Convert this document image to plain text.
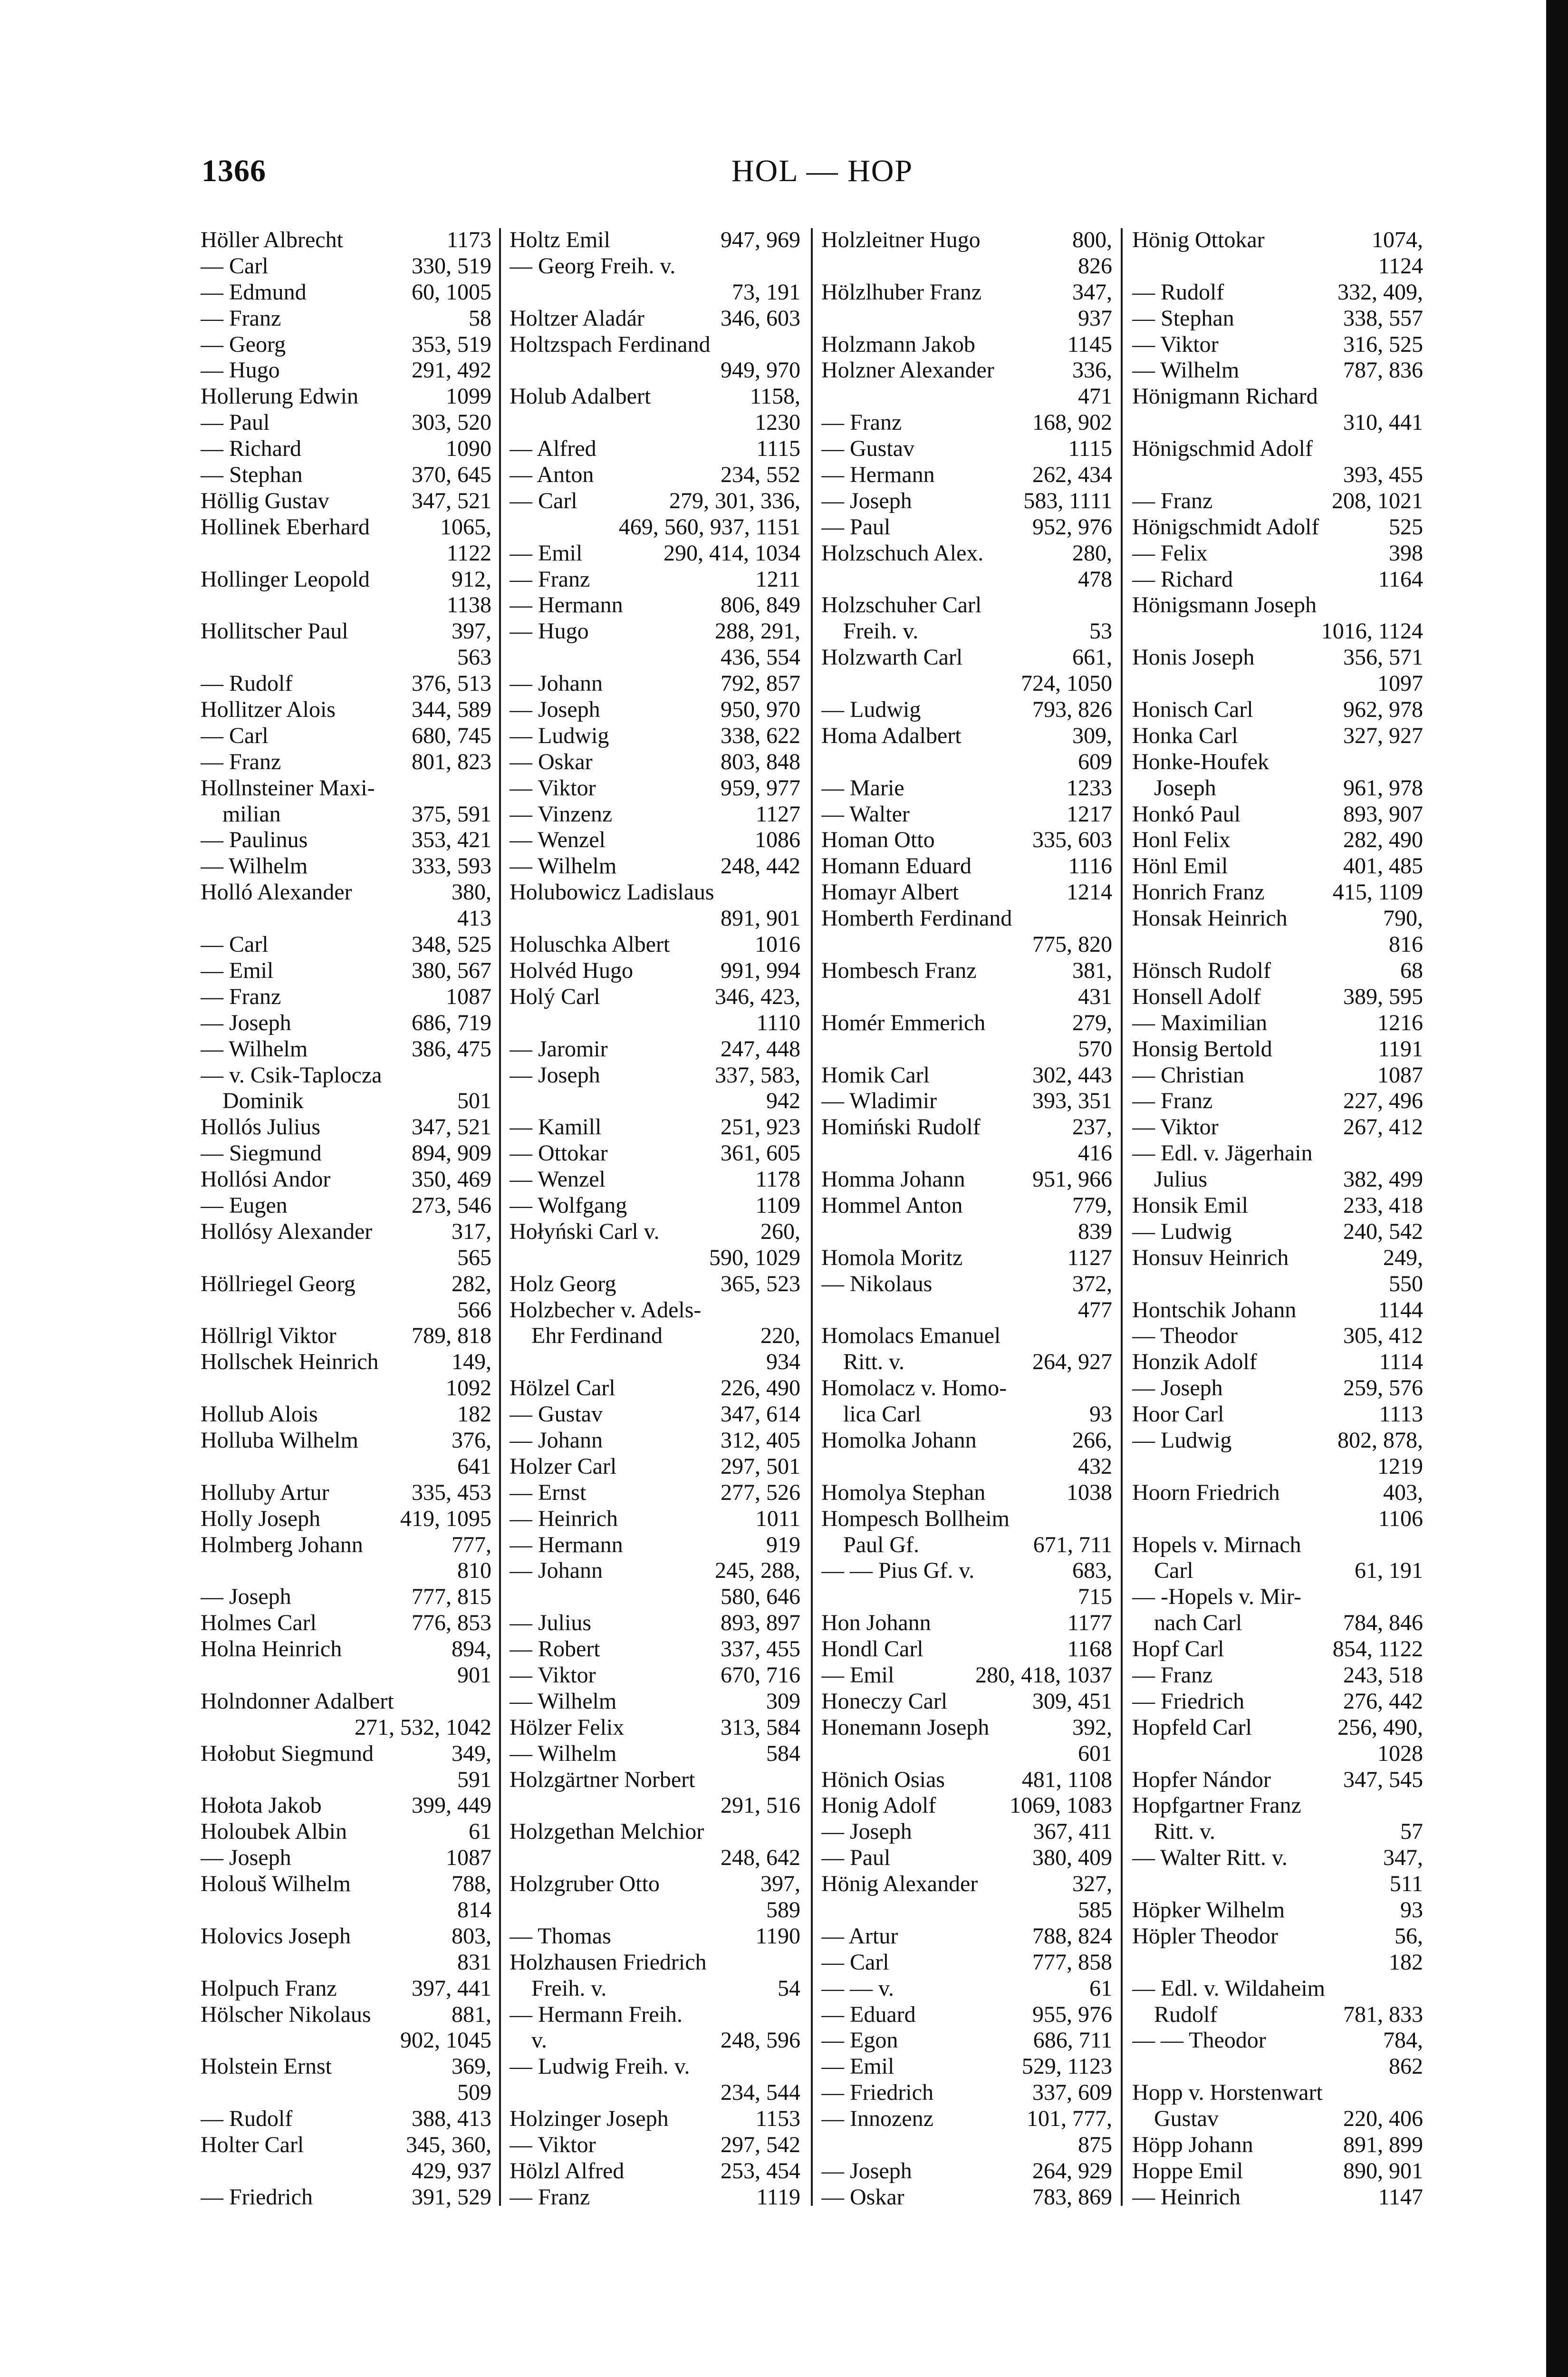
1366	HOL — HOP
Höller Albrecht	1173
— Carl	330, 519
— Edmund	60, 1005
— Franz	58
— Georg	353, 519
— Hugo	291, 492
Hollerung Edwin	1099
— Paul	303, 520
— Richard	1090
— Stephan	370, 645
Höllig Gustav	347, 521
Hollinek Eberhard	1065,
1122
Hollinger Leopold	912,
1138
Hollitscher Paul	397,
563
— Rudolf	376, 513
Hollitzer Alois	344, 589
— Carl	680, 745
— Franz	801, 823
Hollnsteiner Maxi-
milian	375, 591
— Paulinus	353, 421
— Wilhelm	333, 593
Holló Alexander	380,
413
— Carl	348, 525
— Emil	380, 567
— Franz	1087
— Joseph	686, 719
— Wilhelm	386, 475
— v. Csik-Taplocza
Dominik	501
Hollós Julius	347, 521
— Siegmund	894, 909
Hollósi Andor	350, 469
— Eugen	273, 546
Hollósy Alexander	317,
565
Höllriegel Georg	282,
566
Höllrigl Viktor	789, 818
Hollschek Heinrich	149,
1092
Hollub Alois	182
Holluba Wilhelm	376,
641
Holluby Artur	335, 453
Holly Joseph	419, 1095
Holmberg Johann	777,
810
— Joseph	777, 815
Holmes Carl	776, 853
Holna Heinrich	894,
901
Holndonner Adalbert
271, 532, 1042
Hołobut Siegmund	349,
591
Hołota Jakob	399, 449
Holoubek Albin	61
— Joseph	1087
Holouš Wilhelm	788,
814
Holovics Joseph	803,
831
Holpuch Franz	397, 441
Hölscher Nikolaus	881,
902, 1045
Holstein Ernst	369,
509
— Rudolf	388, 413
Holter Carl	345, 360,
429, 937
— Friedrich	391, 529
Holtz Emil	947, 969
— Georg Freih. v.
73, 191
Holtzer Aladár	346, 603
Holtzspach Ferdinand
949, 970
Holub Adalbert	1158,
1230
— Alfred	1115
— Anton	234, 552
— Carl	279, 301, 336,
469, 560, 937, 1151
— Emil	290, 414, 1034
— Franz	1211
— Hermann	806, 849
— Hugo	288, 291,
436, 554
— Johann	792, 857
— Joseph	950, 970
— Ludwig	338, 622
— Oskar	803, 848
— Viktor	959, 977
— Vinzenz	1127
— Wenzel	1086
— Wilhelm	248, 442
Holubowicz Ladislaus
891, 901
Holuschka Albert	1016
Holvéd Hugo	991, 994
Holý Carl	346, 423,
1110
— Jaromir	247, 448
— Joseph	337, 583,
942
— Kamill	251, 923
— Ottokar	361, 605
— Wenzel	1178
— Wolfgang	1109
Hołyński Carl v.	260,
590, 1029
Holz Georg	365, 523
Holzbecher v. Adels-
Ehr Ferdinand	220,
934
Hölzel Carl	226, 490
— Gustav	347, 614
— Johann	312, 405
Holzer Carl	297, 501
— Ernst	277, 526
— Heinrich	1011
— Hermann	919
— Johann	245, 288,
580, 646
— Julius	893, 897
— Robert	337, 455
— Viktor	670, 716
— Wilhelm	309
Hölzer Felix	313, 584
— Wilhelm	584
Holzgärtner Norbert
291, 516
Holzgethan Melchior
248, 642
Holzgruber Otto	397,
589
— Thomas	1190
Holzhausen Friedrich
Freih. v.	54
— Hermann Freih.
v.	248, 596
— Ludwig Freih. v.
234, 544
Holzinger Joseph	1153
— Viktor	297, 542
Hölzl Alfred	253, 454
— Franz	1119
Holzleitner Hugo	800,
826
Hölzlhuber Franz	347,
937
Holzmann Jakob	1145
Holzner Alexander	336,
471
— Franz	168, 902
— Gustav	1115
— Hermann	262, 434
— Joseph	583, 1111
— Paul	952, 976
Holzschuch Alex.	280,
478
Holzschuher Carl
Freih. v.	53
Holzwarth Carl	661,
724, 1050
— Ludwig	793, 826
Homa Adalbert	309,
609
— Marie	1233
— Walter	1217
Homan Otto	335, 603
Homann Eduard	1116
Homayr Albert	1214
Homberth Ferdinand
775, 820
Hombesch Franz	381,
431
Homér Emmerich	279,
570
Homik Carl	302, 443
— Wladimir	393, 351
Homiński Rudolf	237,
416
Homma Johann	951, 966
Hommel Anton	779,
839
Homola Moritz	1127
— Nikolaus	372,
477
Homolacs Emanuel
Ritt. v.	264, 927
Homolacz v. Homo-
lica Carl	93
Homolka Johann	266,
432
Homolya Stephan	1038
Hompesch Bollheim
Paul Gf.	671, 711
— — Pius Gf. v.	683,
715
Hon Johann	1177
Hondl Carl	1168
— Emil	280, 418, 1037
Honeczy Carl	309, 451
Honemann Joseph	392,
601
Hönich Osias	481, 1108
Honig Adolf	1069, 1083
— Joseph	367, 411
— Paul	380, 409
Hönig Alexander	327,
585
— Artur	788, 824
— Carl	777, 858
— — v.	61
— Eduard	955, 976
— Egon	686, 711
— Emil	529, 1123
— Friedrich	337, 609
— Innozenz	101, 777,
875
— Joseph	264, 929
— Oskar	783, 869
Hönig Ottokar	1074,
1124
— Rudolf	332, 409,
— Stephan	338, 557
— Viktor	316, 525
— Wilhelm	787, 836
Hönigmann Richard
310, 441
Hönigschmid Adolf
393, 455
— Franz	208, 1021
Hönigschmidt Adolf	525
— Felix	398
— Richard	1164
Hönigsmann Joseph
1016, 1124
Honis Joseph	356, 571
1097
Honisch Carl	962, 978
Honka Carl	327, 927
Honke-Houfek
Joseph	961, 978
Honkó Paul	893, 907
Honl Felix	282, 490
Hönl Emil	401, 485
Honrich Franz	415, 1109
Honsak Heinrich	790,
816
Hönsch Rudolf	68
Honsell Adolf	389, 595
— Maximilian	1216
Honsig Bertold	1191
— Christian	1087
— Franz	227, 496
— Viktor	267, 412
— Edl. v. Jägerhain
Julius	382, 499
Honsik Emil	233, 418
— Ludwig	240, 542
Honsuv Heinrich	249,
550
Hontschik Johann	1144
— Theodor	305, 412
Honzik Adolf	1114
— Joseph	259, 576
Hoor Carl	1113
— Ludwig	802, 878,
1219
Hoorn Friedrich	403,
1106
Hopels v. Mirnach
Carl	61, 191
— -Hopels v. Mir-
nach Carl	784, 846
Hopf Carl	854, 1122
— Franz	243, 518
— Friedrich	276, 442
Hopfeld Carl	256, 490,
1028
Hopfer Nándor	347, 545
Hopfgartner Franz
Ritt. v.	57
— Walter Ritt. v.	347,
511
Höpker Wilhelm	93
Höpler Theodor	56,
182
— Edl. v. Wildaheim
Rudolf	781, 833
— — Theodor	784,
862
Hopp v. Horstenwart
Gustav	220, 406
Höpp Johann	891, 899
Hoppe Emil	890, 901
— Heinrich	1147
